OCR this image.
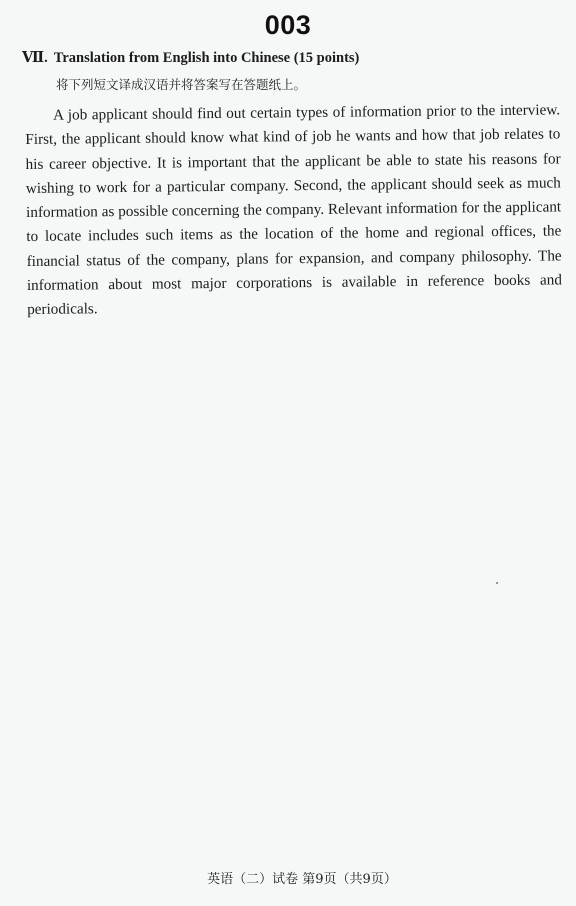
003
Ⅶ. Translation from English into Chinese (15 points)
将下列短文译成汉语并将答案写在答题纸上。

A job applicant should find out certain types of information prior to the interview. First, the applicant should know what kind of job he wants and how that job relates to his career objective. It is important that the applicant be able to state his reasons for wishing to work for a particular company. Second, the applicant should seek as much information as possible concerning the company. Relevant information for the applicant to locate includes such items as the location of the home and regional offices, the financial status of the company, plans for expansion, and company philosophy. The information about most major corporations is available in reference books and periodicals.

英语（二）试卷 第9页（共9页）
